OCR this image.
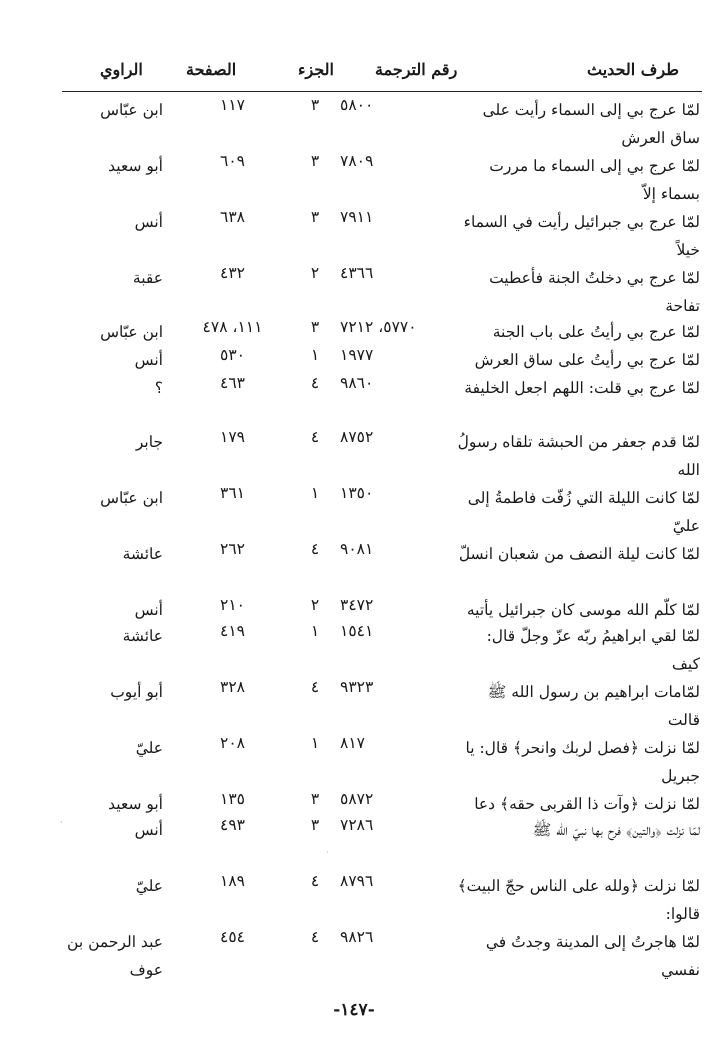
طرف الحديث
رقم الترجمة
الجزء
الصفحة
الراوي
لمّا عرج بي إلى السماء رأيت على ساق العرش
٥٨٠٠
٣
١١٧
ابن عبّاس
لمّا عرج بي إلى السماء ما مررت بسماء إلاّ
٧٨٠٩
٣
٦٠٩
أبو سعيد
لمّا عرج بي جبرائيل رأيت في السماء خيلاً
٧٩١١
٣
٦٣٨
أنس
لمّا عرج بي دخلتُ الجنة فأعطيت تفاحة
٤٣٦٦
٢
٤٣٢
عقبة
لمّا عرج بي رأيتُ على باب الجنة
٥٧٧٠، ٧٢١٢
٣
١١١، ٤٧٨
ابن عبّاس
لمّا عرج بي رأيتُ على ساق العرش
١٩٧٧
١
٥٣٠
أنس
لمّا عرج بي قلت: اللهم اجعل الخليفة
٩٨٦٠
٤
٤٦٣
؟
لمّا قدم جعفر من الحبشة تلقاه رسولُ الله
٨٧٥٢
٤
١٧٩
جابر
لمّا كانت الليلة التي زُفّت فاطمةُ إلى عليّ
١٣٥٠
١
٣٦١
ابن عبّاس
لمّا كانت ليلة النصف من شعبان انسلّ
٩٠٨١
٤
٢٦٢
عائشة
لمّا كلّم الله موسى كان جبرائيل يأتيه
٣٤٧٢
٢
٢١٠
أنس
لمّا لقي ابراهيمُ ربّه عزّ وجلّ قال: كيف
١٥٤١
١
٤١٩
عائشة
لمّامات ابراهيم بن رسول الله ﷺ قالت
٩٣٢٣
٤
٣٢٨
أبو أيوب
لمّا نزلت ﴿فصل لربك وانحر﴾ قال: يا جبريل
٨١٧
١
٢٠٨
عليّ
لمّا نزلت ﴿وآت ذا القربى حقه﴾ دعا
٥٨٧٢
٣
١٣٥
أبو سعيد
لمّا نزلت ﴿والتين﴾ فرح بها نبيّ الله ﷺ
٧٢٨٦
٣
٤٩٣
أنس
لمّا نزلت ﴿ولله على الناس حجّ البيت﴾ قالوا:
٨٧٩٦
٤
١٨٩
عليّ
لمّا هاجرتُ إلى المدينة وجدتُ في نفسي
٩٨٢٦
٤
٤٥٤
عبد الرحمن بن عوف
·
·
-١٤٧-
